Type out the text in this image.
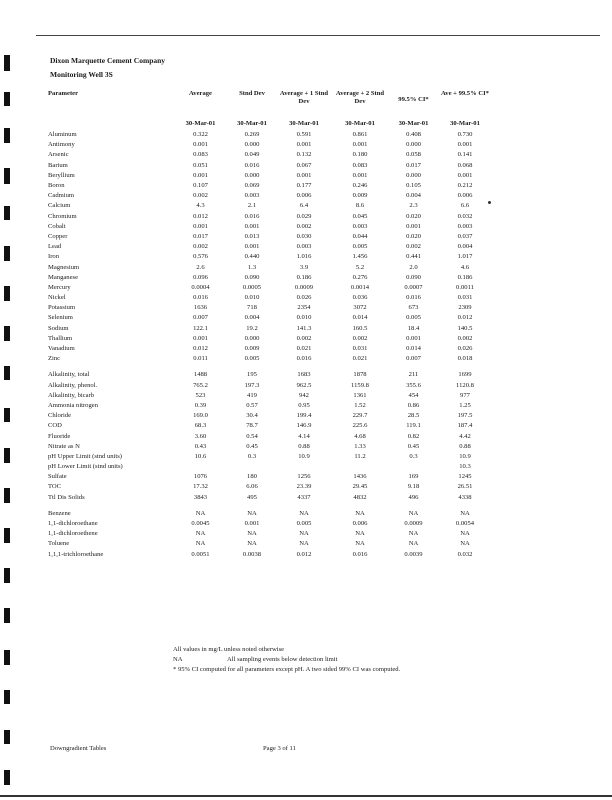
Dixon Marquette Cement Company
Monitoring Well 3S
Parameter	Average	Stnd Dev	Average + 1 Stnd Dev	Average + 2 Stnd Dev	99.5% CI*	Ave + 99.5% CI*
	30-Mar-01	30-Mar-01	30-Mar-01	30-Mar-01	30-Mar-01	30-Mar-01
Aluminum	0.322	0.269	0.591	0.861	0.408	0.730
Antimony	0.001	0.000	0.001	0.001	0.000	0.001
Arsenic	0.083	0.049	0.132	0.180	0.058	0.141
Barium	0.051	0.016	0.067	0.083	0.017	0.068
Beryllium	0.001	0.000	0.001	0.001	0.000	0.001
Boron	0.107	0.069	0.177	0.246	0.105	0.212
Cadmium	0.002	0.003	0.006	0.009	0.004	0.006
Calcium	4.3	2.1	6.4	8.6	2.3	6.6
Chromium	0.012	0.016	0.029	0.045	0.020	0.032
Cobalt	0.001	0.001	0.002	0.003	0.001	0.003
Copper	0.017	0.013	0.030	0.044	0.020	0.037
Lead	0.002	0.001	0.003	0.005	0.002	0.004
Iron	0.576	0.440	1.016	1.456	0.441	1.017
Magnesium	2.6	1.3	3.9	5.2	2.0	4.6
Manganese	0.096	0.090	0.186	0.276	0.090	0.186
Mercury	0.0004	0.0005	0.0009	0.0014	0.0007	0.0011
Nickel	0.016	0.010	0.026	0.036	0.016	0.031
Potassium	1636	718	2354	3072	673	2309
Selenium	0.007	0.004	0.010	0.014	0.005	0.012
Sodium	122.1	19.2	141.3	160.5	18.4	140.5
Thallium	0.001	0.000	0.002	0.002	0.001	0.002
Vanadium	0.012	0.009	0.021	0.031	0.014	0.026
Zinc	0.011	0.005	0.016	0.021	0.007	0.018

Alkalinity, total	1488	195	1683	1878	211	1699
Alkalinity, phenol.	765.2	197.3	962.5	1159.8	355.6	1120.8
Alkalinity, bicarb	523	419	942	1361	454	977
Ammonia nitrogen	0.39	0.57	0.95	1.52	0.86	1.25
Chloride	169.0	30.4	199.4	229.7	28.5	197.5
COD	68.3	78.7	146.9	225.6	119.1	187.4
Fluoride	3.60	0.54	4.14	4.68	0.82	4.42
Nitrate as N	0.43	0.45	0.88	1.33	0.45	0.88
pH Upper Limit (stnd units)	10.6	0.3	10.9	11.2	0.3	10.9
pH Lower Limit (stnd units)						10.3
Sulfate	1076	180	1256	1436	169	1245
TOC	17.32	6.06	23.39	29.45	9.18	26.51
Ttl Dis Solids	3843	495	4337	4832	496	4338

Benzene	NA	NA	NA	NA	NA	NA
1,1-dichloroethane	0.0045	0.001	0.005	0.006	0.0009	0.0054
1,1-dichloroethene	NA	NA	NA	NA	NA	NA
Toluene	NA	NA	NA	NA	NA	NA
1,1,1-trichloroethane	0.0051	0.0038	0.012	0.016	0.0039	0.032
All values in mg/L unless noted otherwise
NA	All sampling events below detection limit
* 95% CI computed for all parameters except pH. A two sided 99% CI was computed.
Downgradient Tables	Page 3 of 11
